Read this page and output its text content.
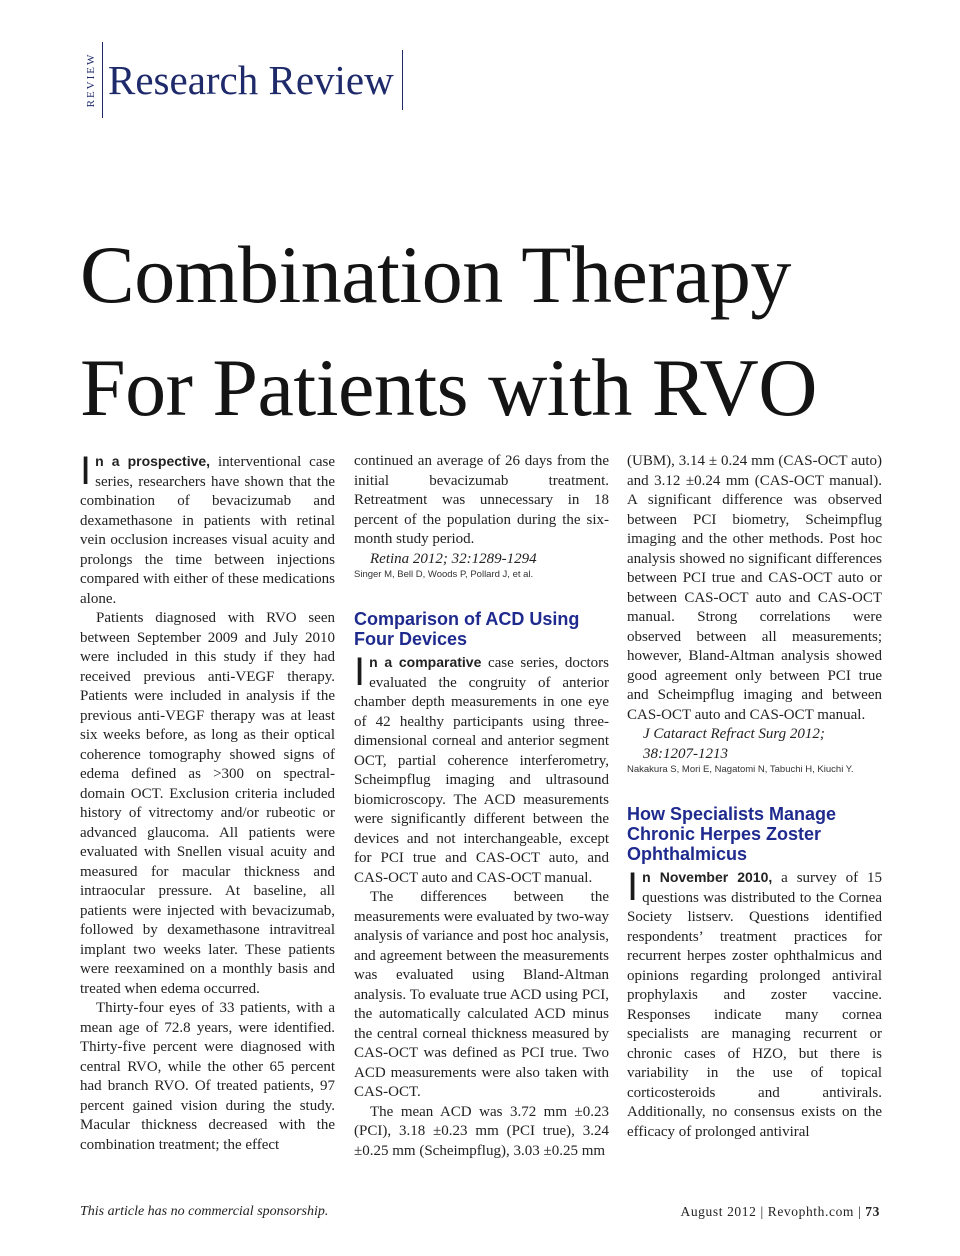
REVIEW Research Review
Combination Therapy
For Patients with RVO

In a prospective, interventional case series, researchers have shown that the combination of bevacizumab and dexamethasone in patients with retinal vein occlusion increases visual acuity and prolongs the time between injections compared with either of these medications alone.

Patients diagnosed with RVO seen between September 2009 and July 2010 were included in this study if they had received previous anti-VEGF therapy. Patients were included in analysis if the previous anti-VEGF therapy was at least six weeks before, as long as their optical coherence tomography showed signs of edema defined as >300 on spectral-domain OCT. Exclusion criteria included history of vitrectomy and/or rubeotic or advanced glaucoma. All patients were evaluated with Snellen visual acuity and measured for macular thickness and intraocular pressure. At baseline, all patients were injected with bevacizumab, followed by dexamethasone intravitreal implant two weeks later. These patients were reexamined on a monthly basis and treated when edema occurred.

Thirty-four eyes of 33 patients, with a mean age of 72.8 years, were identified. Thirty-five percent were diagnosed with central RVO, while the other 65 percent had branch RVO. Of treated patients, 97 percent gained vision during the study. Macular thickness decreased with the combination treatment; the effect

continued an average of 26 days from the initial bevacizumab treatment. Retreatment was unnecessary in 18 percent of the population during the six-month study period.

Retina 2012; 32:1289-1294

Singer M, Bell D, Woods P, Pollard J, et al.

Comparison of ACD Using Four Devices

In a comparative case series, doctors evaluated the congruity of anterior chamber depth measurements in one eye of 42 healthy participants using three-dimensional corneal and anterior segment OCT, partial coherence interferometry, Scheimpflug imaging and ultrasound biomicroscopy. The ACD measurements were significantly different between the devices and not interchangeable, except for PCI true and CAS-OCT auto, and CAS-OCT auto and CAS-OCT manual.

The differences between the measurements were evaluated by two-way analysis of variance and post hoc analysis, and agreement between the measurements was evaluated using Bland-Altman analysis. To evaluate true ACD using PCI, the automatically calculated ACD minus the central corneal thickness measured by CAS-OCT was defined as PCI true. Two ACD measurements were also taken with CAS-OCT.

The mean ACD was 3.72 mm ±0.23 (PCI), 3.18 ±0.23 mm (PCI true), 3.24 ±0.25 mm (Scheimpflug), 3.03 ±0.25 mm

(UBM), 3.14 ± 0.24 mm (CAS-OCT auto) and 3.12 ±0.24 mm (CAS-OCT manual). A significant difference was observed between PCI biometry, Scheimpflug imaging and the other methods. Post hoc analysis showed no significant differences between PCI true and CAS-OCT auto or between CAS-OCT auto and CAS-OCT manual. Strong correlations were observed between all measurements; however, Bland-Altman analysis showed good agreement only between PCI true and Scheimpflug imaging and between CAS-OCT auto and CAS-OCT manual.

J Cataract Refract Surg 2012; 38:1207-1213

Nakakura S, Mori E, Nagatomi N, Tabuchi H, Kiuchi Y.

How Specialists Manage Chronic Herpes Zoster Ophthalmicus

In November 2010, a survey of 15 questions was distributed to the Cornea Society listserv. Questions identified respondents’ treatment practices for recurrent herpes zoster ophthalmicus and opinions regarding prolonged antiviral prophylaxis and zoster vaccine. Responses indicate many cornea specialists are managing recurrent or chronic cases of HZO, but there is variability in the use of topical corticosteroids and antivirals. Additionally, no consensus exists on the efficacy of prolonged antiviral

This article has no commercial sponsorship.	August 2012 | Revophth.com | 73
